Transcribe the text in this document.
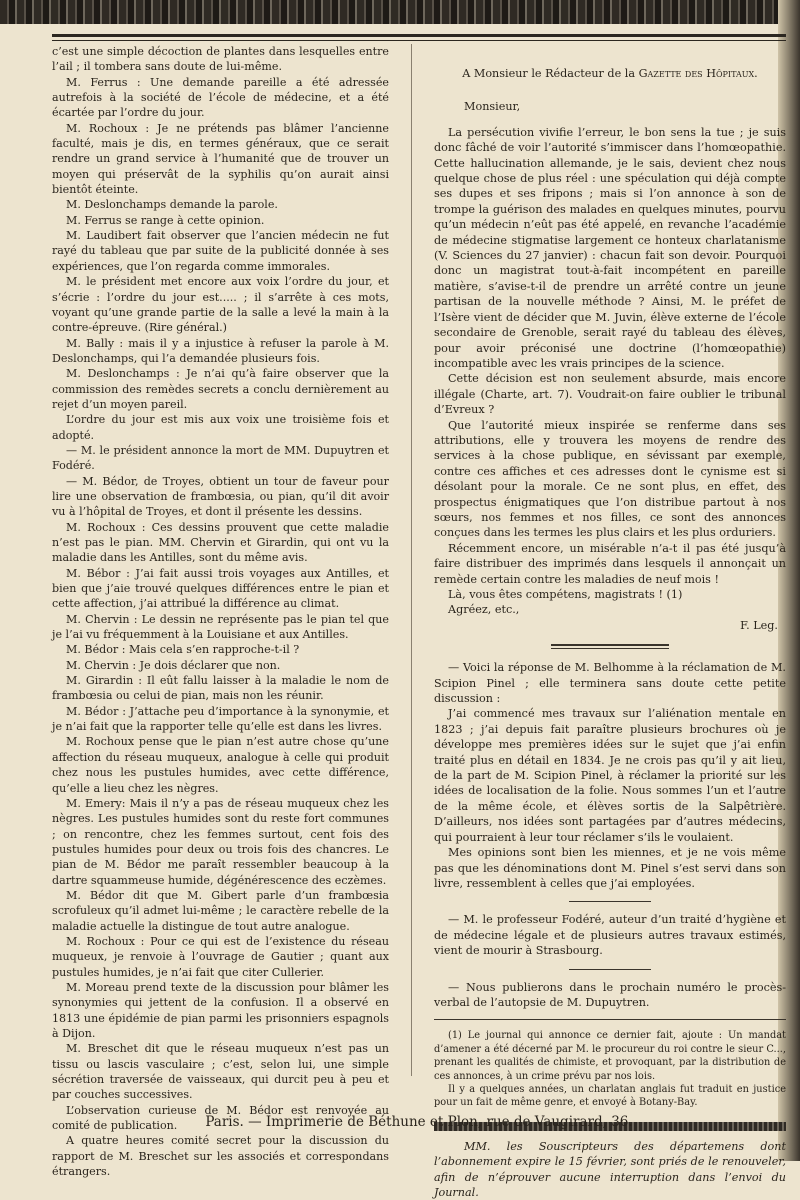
c’est une simple décoction de plantes dans lesquelles entre l’ail ; il tombera sans doute de lui-même.

M. Ferrus : Une demande pareille a été adressée autrefois à la société de l’école de médecine, et a été écartée par l’ordre du jour.

M. Rochoux : Je ne prétends pas blâmer l’ancienne faculté, mais je dis, en termes généraux, que ce serait rendre un grand service à l’humanité que de trouver un moyen qui préservât de la syphilis qu’on aurait ainsi bientôt éteinte.

M. Deslonchamps demande la parole.

M. Ferrus se range à cette opinion.

M. Laudibert fait observer que l’ancien médecin ne fut rayé du tableau que par suite de la publicité donnée à ses expériences, que l’on regarda comme immorales.

M. le président met encore aux voix l’ordre du jour, et s’écrie : l’ordre du jour est..... ; il s’arrête à ces mots, voyant qu’une grande partie de la salle a levé la main à la contre-épreuve. (Rire général.)

M. Bally : mais il y a injustice à refuser la parole à M. Deslonchamps, qui l’a demandée plusieurs fois.

M. Deslonchamps : Je n’ai qu’à faire observer que la commission des remèdes secrets a conclu dernièrement au rejet d’un moyen pareil.

L’ordre du jour est mis aux voix une troisième fois et adopté.

— M. le président annonce la mort de MM. Dupuytren et Fodéré.

— M. Bédor, de Troyes, obtient un tour de faveur pour lire une observation de frambœsia, ou pian, qu’il dit avoir vu à l’hôpital de Troyes, et dont il présente les dessins.

M. Rochoux : Ces dessins prouvent que cette maladie n’est pas le pian. MM. Chervin et Girardin, qui ont vu la maladie dans les Antilles, sont du même avis.

M. Bébor : J’ai fait aussi trois voyages aux Antilles, et bien que j’aie trouvé quelques différences entre le pian et cette affection, j’ai attribué la différence au climat.

M. Chervin : Le dessin ne représente pas le pian tel que je l’ai vu fréquemment à la Louisiane et aux Antilles.

M. Bédor : Mais cela s’en rapproche-t-il ?

M. Chervin : Je dois déclarer que non.

M. Girardin : Il eût fallu laisser à la maladie le nom de frambœsia ou celui de pian, mais non les réunir.

M. Bédor : J’attache peu d’importance à la synonymie, et je n’ai fait que la rapporter telle qu’elle est dans les livres.

M. Rochoux pense que le pian n’est autre chose qu’une affection du réseau muqueux, analogue à celle qui produit chez nous les pustules humides, avec cette différence, qu’elle a lieu chez les nègres.

M. Emery: Mais il n’y a pas de réseau muqueux chez les nègres. Les pustules humides sont du reste fort communes ; on rencontre, chez les femmes surtout, cent fois des pustules humides pour deux ou trois fois des chancres. Le pian de M. Bédor me paraît ressembler beaucoup à la dartre squammeuse humide, dégénérescence des eczèmes.

M. Bédor dit que M. Gibert parle d’un frambœsia scrofuleux qu’il admet lui-même ; le caractère rebelle de la maladie actuelle la distingue de tout autre analogue.

M. Rochoux : Pour ce qui est de l’existence du réseau muqueux, je renvoie à l’ouvrage de Gautier ; quant aux pustules humides, je n’ai fait que citer Cullerier.

M. Moreau prend texte de la discussion pour blâmer les synonymies qui jettent de la confusion. Il a observé en 1813 une épidémie de pian parmi les prisonniers espagnols à Dijon.

M. Breschet dit que le réseau muqueux n’est pas un tissu ou lascis vasculaire ; c’est, selon lui, une simple sécrétion traversée de vaisseaux, qui durcit peu à peu et par couches successives.

L’observation curieuse de M. Bédor est renvoyée au comité de publication.

A quatre heures comité secret pour la discussion du rapport de M. Breschet sur les associés et correspondans étrangers.

A Monsieur le Rédacteur de la Gazette des Hôpitaux.

Monsieur,

La persécution vivifie l’erreur, le bon sens la tue ; je suis donc fâché de voir l’autorité s’immiscer dans l’homœopathie. Cette hallucination allemande, je le sais, devient chez nous quelque chose de plus réel : une spéculation qui déjà compte ses dupes et ses fripons ; mais si l’on annonce à son de trompe la guérison des malades en quelques minutes, pourvu qu’un médecin n’eût pas été appelé, en revanche l’académie de médecine stigmatise largement ce honteux charlatanisme (V. Sciences du 27 janvier) : chacun fait son devoir. Pourquoi donc un magistrat tout-à-fait incompétent en pareille matière, s’avise-t-il de prendre un arrêté contre un jeune partisan de la nouvelle méthode ? Ainsi, M. le préfet de l’Isère vient de décider que M. Juvin, élève externe de l’école secondaire de Grenoble, serait rayé du tableau des élèves, pour avoir préconisé une doctrine (l’homœopathie) incompatible avec les vrais principes de la science.

Cette décision est non seulement absurde, mais encore illégale (Charte, art. 7). Voudrait-on faire oublier le tribunal d’Evreux ?

Que l’autorité mieux inspirée se renferme dans ses attributions, elle y trouvera les moyens de rendre des services à la chose publique, en sévissant par exemple, contre ces affiches et ces adresses dont le cynisme est si désolant pour la morale. Ce ne sont plus, en effet, des prospectus énigmatiques que l’on distribue partout à nos sœurs, nos femmes et nos filles, ce sont des annonces conçues dans les termes les plus clairs et les plus orduriers.

Récemment encore, un misérable n’a-t il pas été jusqu’à faire distribuer des imprimés dans lesquels il annonçait un remède certain contre les maladies de neuf mois !

Là, vous êtes compétens, magistrats ! (1)

Agréez, etc.,

F. Leg.

— Voici la réponse de M. Belhomme à la réclamation de M. Scipion Pinel ; elle terminera sans doute cette petite discussion :

J’ai commencé mes travaux sur l’aliénation mentale en 1823 ; j’ai depuis fait paraître plusieurs brochures où je développe mes premières idées sur le sujet que j’ai enfin traité plus en détail en 1834. Je ne crois pas qu’il y ait lieu, de la part de M. Scipion Pinel, à réclamer la priorité sur les idées de localisation de la folie. Nous sommes l’un et l’autre de la même école, et élèves sortis de la Salpêtrière. D’ailleurs, nos idées sont partagées par d’autres médecins, qui pourraient à leur tour réclamer s’ils le voulaient.

Mes opinions sont bien les miennes, et je ne vois même pas que les dénominations dont M. Pinel s’est servi dans son livre, ressemblent à celles que j’ai employées.

— M. le professeur Fodéré, auteur d’un traité d’hygiène et de médecine légale et de plusieurs autres travaux estimés, vient de mourir à Strasbourg.

— Nous publierons dans le prochain numéro le procès-verbal de l’autopsie de M. Dupuytren.

(1) Le journal qui annonce ce dernier fait, ajoute : Un mandat d’amener a été décerné par M. le procureur du roi contre le sieur C..., prenant les qualités de chimiste, et provoquant, par la distribution de ces annonces, à un crime prévu par nos lois.

Il y a quelques années, un charlatan anglais fut traduit en justice pour un fait de même genre, et envoyé à Botany-Bay.

MM. les Souscripteurs des départemens dont l’abonnement expire le 15 février, sont priés de le renouveler, afin de n’éprouver aucune interruption dans l’envoi du Journal.

Paris. — Imprimerie de Béthune et Plon, rue de Vaugirard, 36.
